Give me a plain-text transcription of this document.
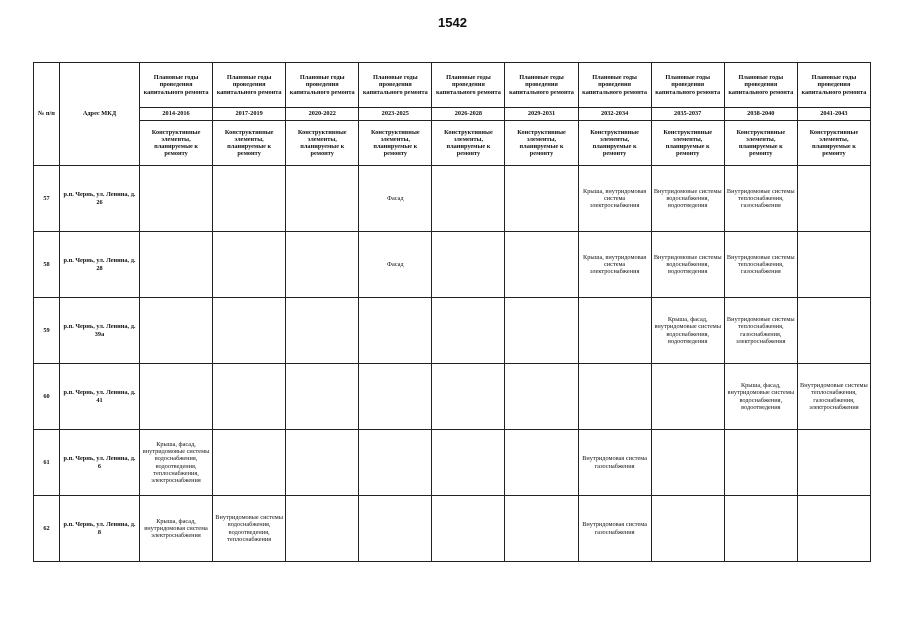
1542
№ п/п	Адрес МКД	Плановые годы проведения капитального ремонта	Плановые годы проведения капитального ремонта	Плановые годы проведения капитального ремонта	Плановые годы проведения капитального ремонта	Плановые годы проведения капитального ремонта	Плановые годы проведения капитального ремонта	Плановые годы проведения капитального ремонта	Плановые годы проведения капитального ремонта	Плановые годы проведения капитального ремонта	Плановые годы проведения капитального ремонта
		2014-2016	2017-2019	2020-2022	2023-2025	2026-2028	2029-2031	2032-2034	2035-2037	2038-2040	2041-2043
		Конструктивные элементы, планируемые к ремонту	Конструктивные элементы, планируемые к ремонту	Конструктивные элементы, планируемые к ремонту	Конструктивные элементы, планируемые к ремонту	Конструктивные элементы, планируемые к ремонту	Конструктивные элементы, планируемые к ремонту	Конструктивные элементы, планируемые к ремонту	Конструктивные элементы, планируемые к ремонту	Конструктивные элементы, планируемые к ремонту	Конструктивные элементы, планируемые к ремонту
57	р.п. Чернь, ул. Ленина, д. 26				Фасад			Крыша, внутридомовая система электроснабжения	Внутридомовые системы водоснабжения, водоотведения	Внутридомовые системы теплоснабжения, газоснабжения	
58	р.п. Чернь, ул. Ленина, д. 28				Фасад			Крыша, внутридомовая система электроснабжения	Внутридомовые системы водоснабжения, водоотведения	Внутридомовые системы теплоснабжения, газоснабжения	
59	р.п. Чернь, ул. Ленина, д. 39а								Крыша, фасад, внутридомовые системы водоснабжения, водоотведения	Внутридомовые системы теплоснабжения, газоснабжения, электроснабжения	
60	р.п. Чернь, ул. Ленина, д. 41									Крыша, фасад, внутридомовые системы водоснабжения, водоотведения	Внутридомовые системы теплоснабжения, газоснабжения, электроснабжения
61	р.п. Чернь, ул. Ленина, д. 6	Крыша, фасад, внутридомовые системы водоснабжения, водоотведения, теплоснабжения, электроснабжения						Внутридомовая система газоснабжения			
62	р.п. Чернь, ул. Ленина, д. 8	Крыша, фасад, внутридомовая система электроснабжения	Внутридомовые системы водоснабжения, водоотведения, теплоснабжения					Внутридомовая система газоснабжения			
